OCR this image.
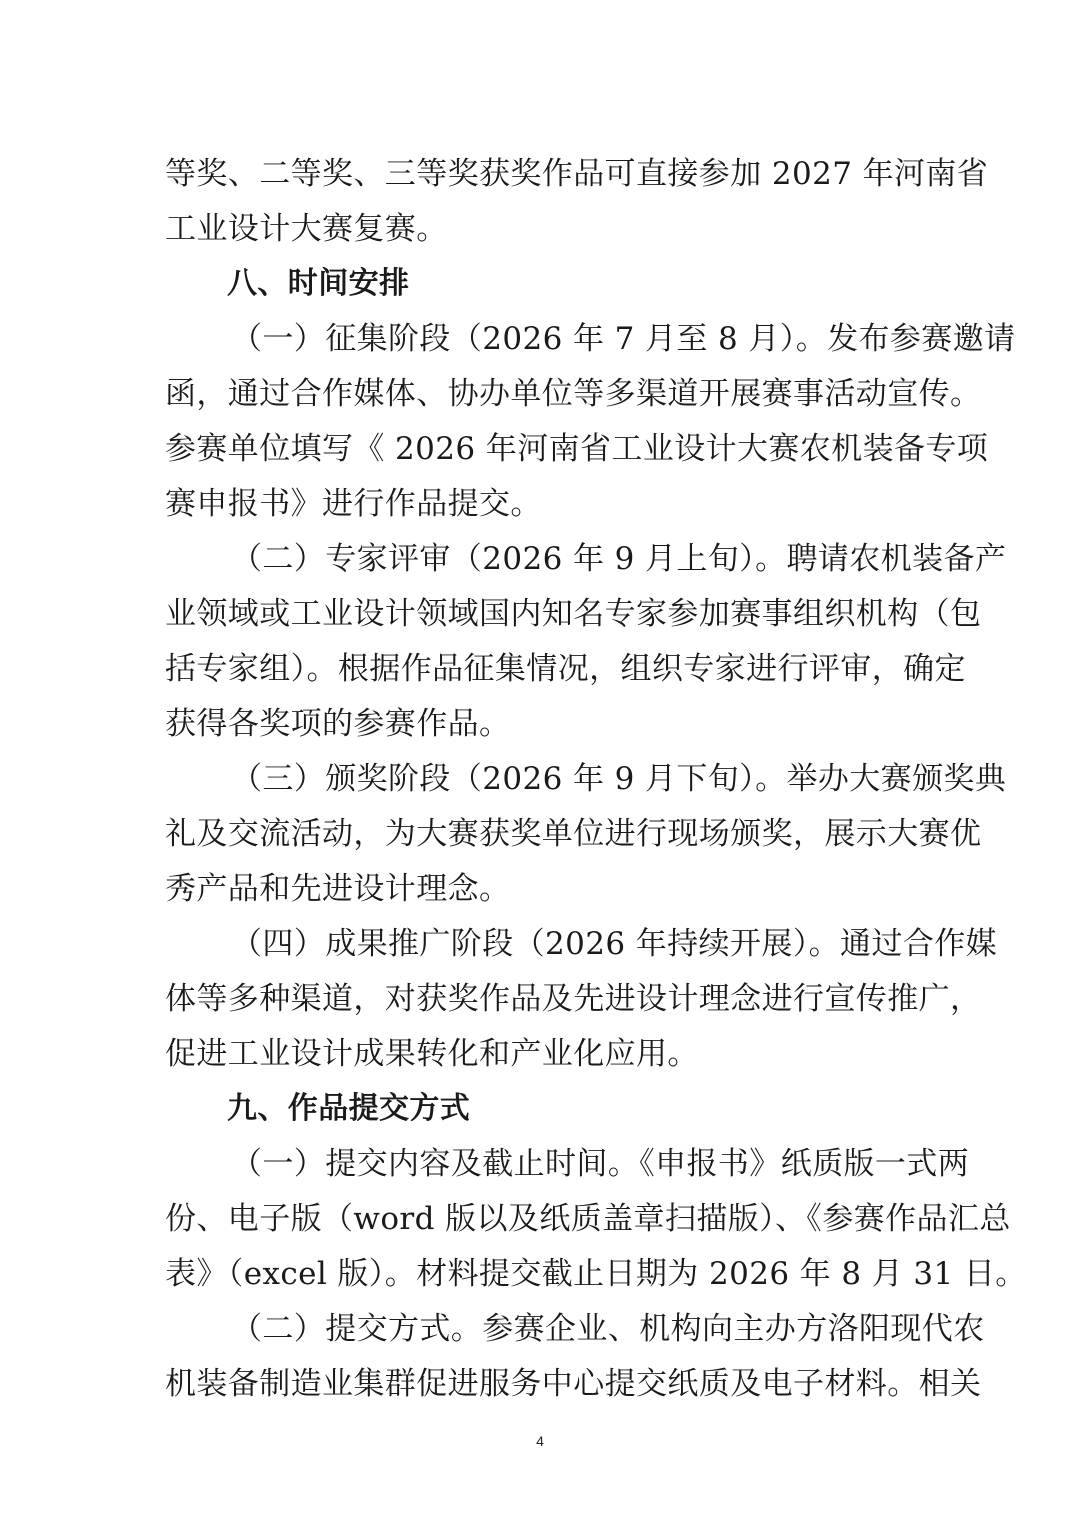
等奖、二等奖、三等奖获奖作品可直接参加 2027 年河南省
工业设计大赛复赛。
八、时间安排
（一）征集阶段（2026 年 7 月至 8 月）。发布参赛邀请
函，通过合作媒体、协办单位等多渠道开展赛事活动宣传。
参赛单位填写《 2026 年河南省工业设计大赛农机装备专项
赛申报书》进行作品提交。
（二）专家评审（2026 年 9 月上旬）。聘请农机装备产
业领域或工业设计领域国内知名专家参加赛事组织机构（包
括专家组）。根据作品征集情况，组织专家进行评审，确定
获得各奖项的参赛作品。
（三）颁奖阶段（2026 年 9 月下旬）。举办大赛颁奖典
礼及交流活动，为大赛获奖单位进行现场颁奖，展示大赛优
秀产品和先进设计理念。
（四）成果推广阶段（2026 年持续开展）。通过合作媒
体等多种渠道，对获奖作品及先进设计理念进行宣传推广，
促进工业设计成果转化和产业化应用。
九、作品提交方式
（一）提交内容及截止时间。《申报书》纸质版一式两
份、电子版（word 版以及纸质盖章扫描版）、《参赛作品汇总
表》（excel 版）。材料提交截止日期为 2026 年 8 月 31 日。
（二）提交方式。参赛企业、机构向主办方洛阳现代农
机装备制造业集群促进服务中心提交纸质及电子材料。相关
4
